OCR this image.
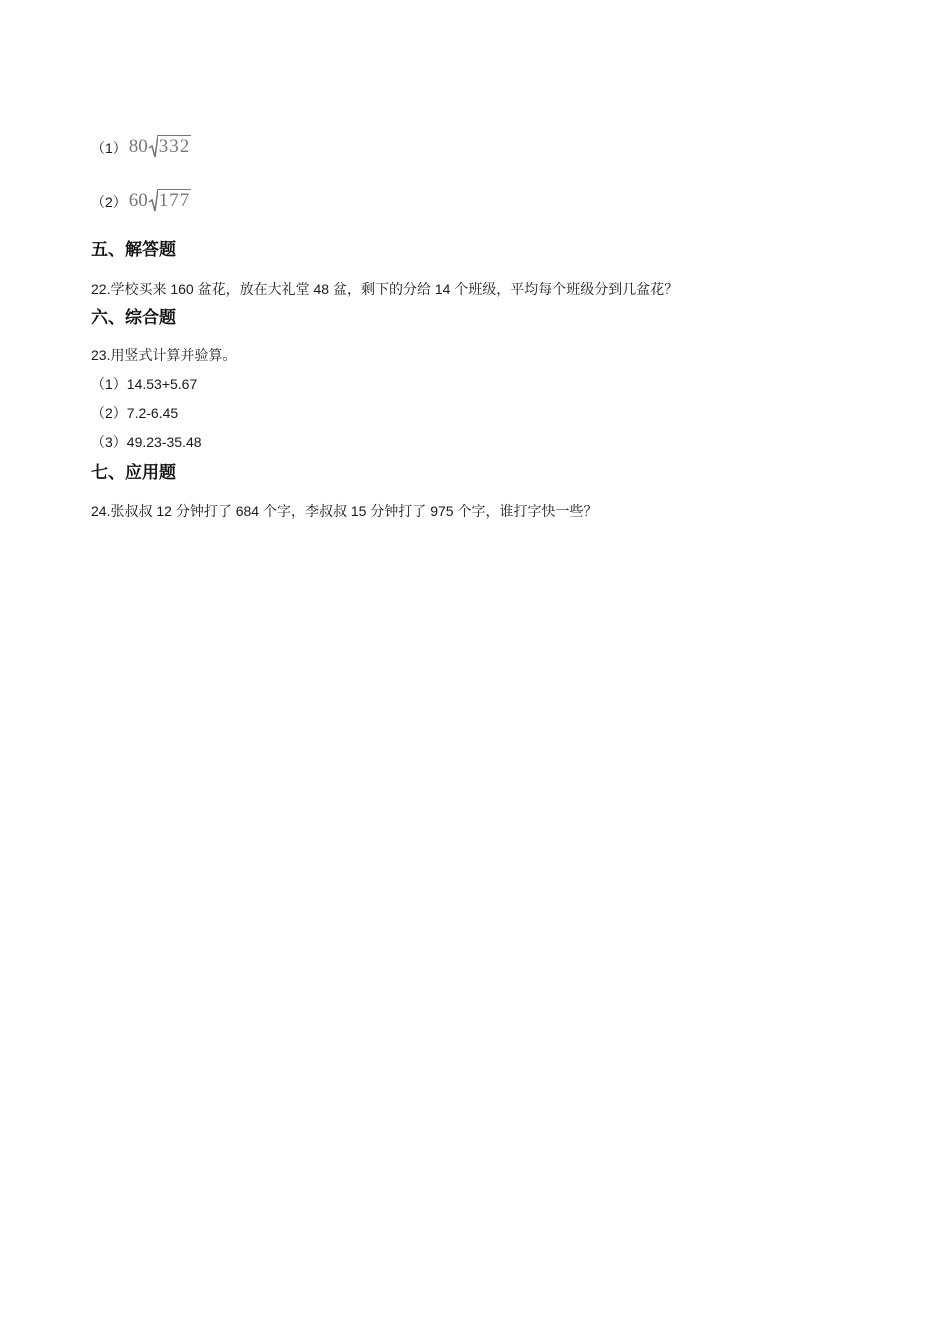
（1） 80 332
（2） 60 177
五、解答题
22.学校买来 160 盆花，放在大礼堂 48 盆，剩下的分给 14 个班级，平均每个班级分到几盆花？
六、综合题
23.用竖式计算并验算。
（1）14.53+5.67
（2）7.2-6.45
（3）49.23-35.48
七、应用题
24.张叔叔 12 分钟打了 684 个字，李叔叔 15 分钟打了 975 个字，谁打字快一些？
